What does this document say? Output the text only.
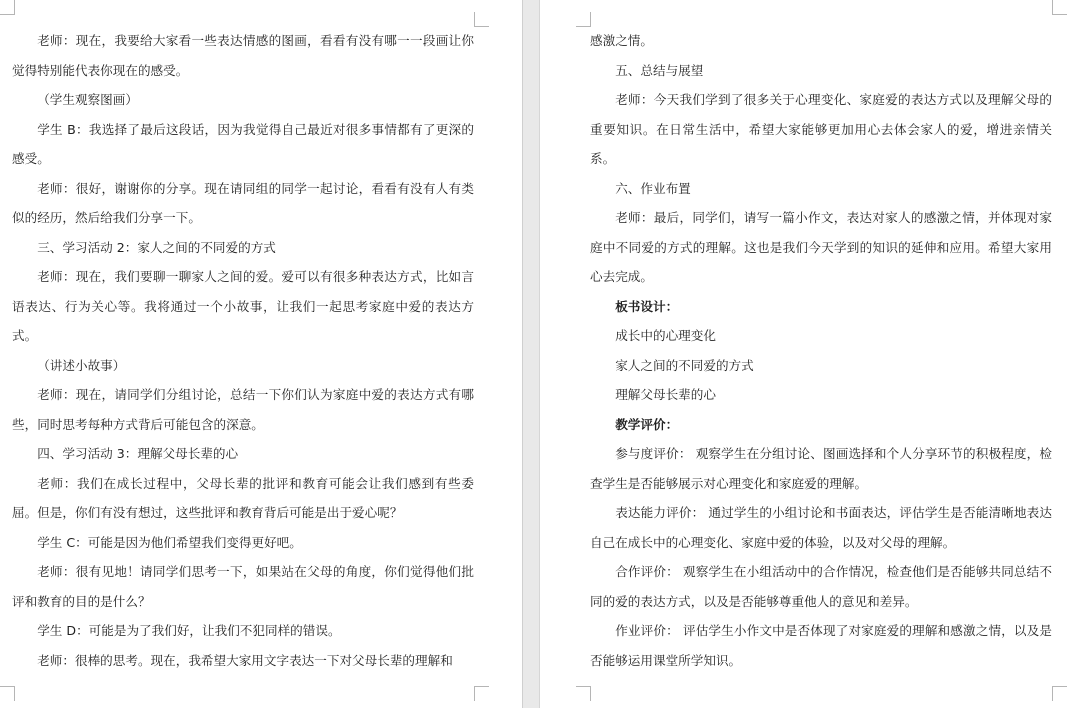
老师：现在，我要给大家看一些表达情感的图画，看看有没有哪一一段画让你觉得特别能代表你现在的感受。

（学生观察图画）

学生 B：我选择了最后这段话，因为我觉得自己最近对很多事情都有了更深的感受。

老师：很好，谢谢你的分享。现在请同组的同学一起讨论，看看有没有人有类似的经历，然后给我们分享一下。

三、学习活动 2：家人之间的不同爱的方式

老师：现在，我们要聊一聊家人之间的爱。爱可以有很多种表达方式，比如言语表达、行为关心等。我将通过一个小故事，让我们一起思考家庭中爱的表达方式。

（讲述小故事）

老师：现在，请同学们分组讨论，总结一下你们认为家庭中爱的表达方式有哪些，同时思考每种方式背后可能包含的深意。

四、学习活动 3：理解父母长辈的心

老师：我们在成长过程中，父母长辈的批评和教育可能会让我们感到有些委屈。但是，你们有没有想过，这些批评和教育背后可能是出于爱心呢？

学生 C：可能是因为他们希望我们变得更好吧。

老师：很有见地！请同学们思考一下，如果站在父母的角度，你们觉得他们批评和教育的目的是什么？

学生 D：可能是为了我们好，让我们不犯同样的错误。

老师：很棒的思考。现在，我希望大家用文字表达一下对父母长辈的理解和

感激之情。

五、总结与展望

老师：今天我们学到了很多关于心理变化、家庭爱的表达方式以及理解父母的重要知识。在日常生活中，希望大家能够更加用心去体会家人的爱，增进亲情关系。

六、作业布置

老师：最后，同学们，请写一篇小作文，表达对家人的感激之情，并体现对家庭中不同爱的方式的理解。这也是我们今天学到的知识的延伸和应用。希望大家用心去完成。

板书设计：

成长中的心理变化

家人之间的不同爱的方式

理解父母长辈的心

教学评价：

参与度评价： 观察学生在分组讨论、图画选择和个人分享环节的积极程度，检查学生是否能够展示对心理变化和家庭爱的理解。

表达能力评价： 通过学生的小组讨论和书面表达，评估学生是否能清晰地表达自己在成长中的心理变化、家庭中爱的体验，以及对父母的理解。

合作评价： 观察学生在小组活动中的合作情况，检查他们是否能够共同总结不同的爱的表达方式，以及是否能够尊重他人的意见和差异。

作业评价： 评估学生小作文中是否体现了对家庭爱的理解和感激之情，以及是否能够运用课堂所学知识。
